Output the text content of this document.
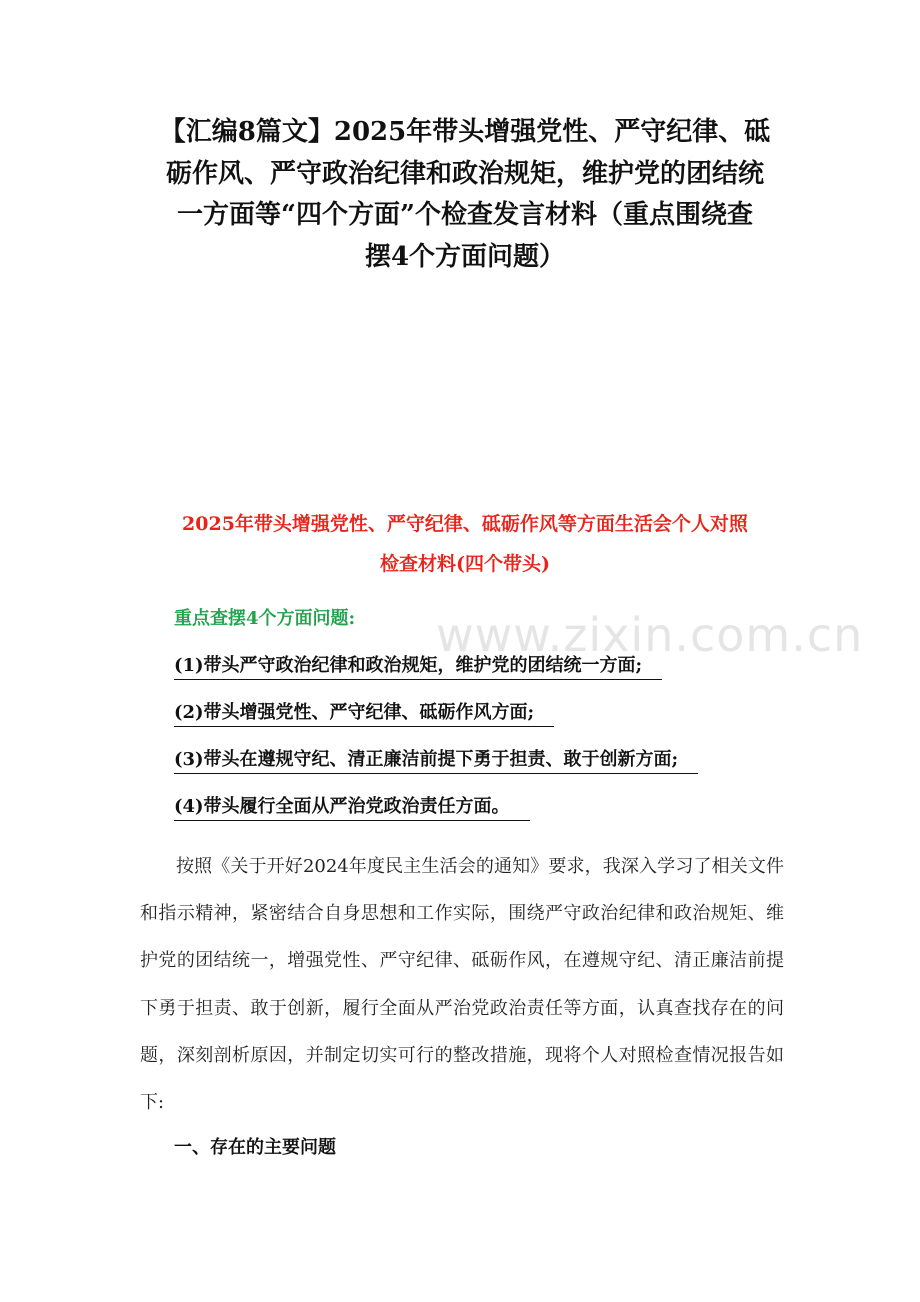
【汇编8篇文】2025年带头增强党性、严守纪律、砥
砺作风、严守政治纪律和政治规矩，维护党的团结统
一方面等“四个方面”个检查发言材料（重点围绕查
摆4个方面问题）
2025年带头增强党性、严守纪律、砥砺作风等方面生活会个人对照
检查材料(四个带头)

重点查摆4个方面问题:

(1)带头严守政治纪律和政治规矩，维护党的团结统一方面;
(2)带头增强党性、严守纪律、砥砺作风方面;
(3)带头在遵规守纪、清正廉洁前提下勇于担责、敢于创新方面;
(4)带头履行全面从严治党政治责任方面。

按照《关于开好2024年度民主生活会的通知》要求，我深入学习了相关文件和指示精神，紧密结合自身思想和工作实际，围绕严守政治纪律和政治规矩、维护党的团结统一，增强党性、严守纪律、砥砺作风，在遵规守纪、清正廉洁前提下勇于担责、敢于创新，履行全面从严治党政治责任等方面，认真查找存在的问题，深刻剖析原因，并制定切实可行的整改措施，现将个人对照检查情况报告如下:

一、存在的主要问题

www.zixin.com.cn
